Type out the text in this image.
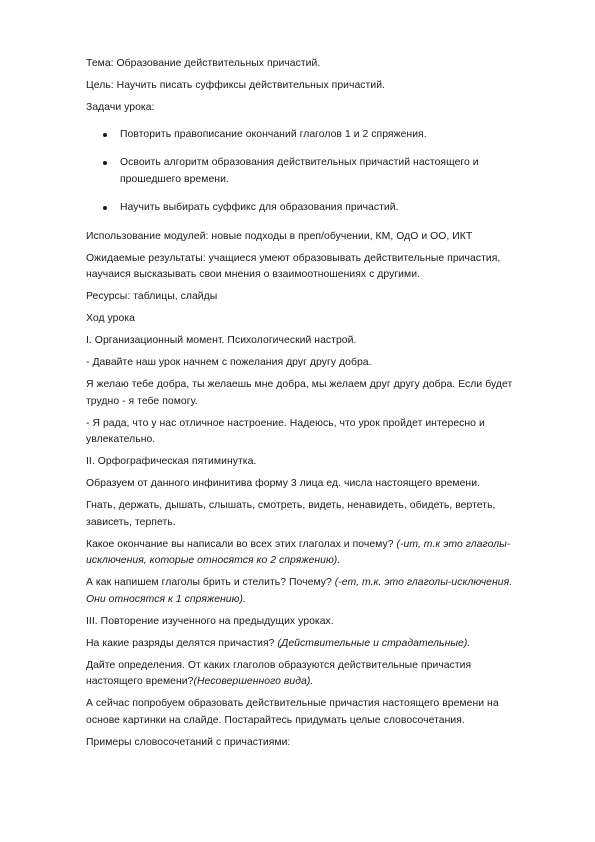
Тема: Образование действительных причастий.

Цель: Научить писать суффиксы действительных причастий.

Задачи урока:

Повторить правописание окончаний глаголов 1 и 2 спряжения.
Освоить алгоритм образования действительных причастий настоящего и прошедшего времени.
Научить выбирать суффикс для образования причастий.

Использование модулей: новые подходы в преп/обучении, КМ, ОдО и ОО, ИКТ

Ожидаемые результаты: учащиеся умеют образовывать действительные причастия, научаися высказывать свои мнения о взаимоотношениях с другими.

Ресурсы: таблицы, слайды

Ход урока

I. Организационный момент. Психологический настрой.

- Давайте наш урок начнем с пожелания друг другу добра.

Я желаю тебе добра, ты желаешь мне добра, мы желаем друг другу добра. Если будет трудно - я тебе помогу.

- Я рада, что у нас отличное настроение. Надеюсь, что урок пройдет интересно и увлекательно.

II. Орфографическая пятиминутка.

Образуем от данного инфинитива форму 3 лица ед. числа настоящего времени.

Гнать, держать, дышать, слышать, смотреть, видеть, ненавидеть, обидеть, вертеть, зависеть, терпеть.

Какое окончание вы написали во всех этих глаголах и почему? (-ит, т.к это глаголы-исключения, которые относятся ко 2 спряжению).

А как напишем глаголы брить и стелить? Почему? (-ет, т.к. это глаголы-исключения. Они относятся к 1 спряжению).

III. Повторение изученного на предыдущих уроках.

На какие разряды делятся причастия? (Действительные и страдательные).

Дайте определения. От каких глаголов образуются действительные причастия настоящего времени?(Несовершенного вида).

А сейчас попробуем образовать действительные причастия настоящего времени на основе картинки на слайде. Постарайтесь придумать целые словосочетания.

Примеры словосочетаний с причастиями:
